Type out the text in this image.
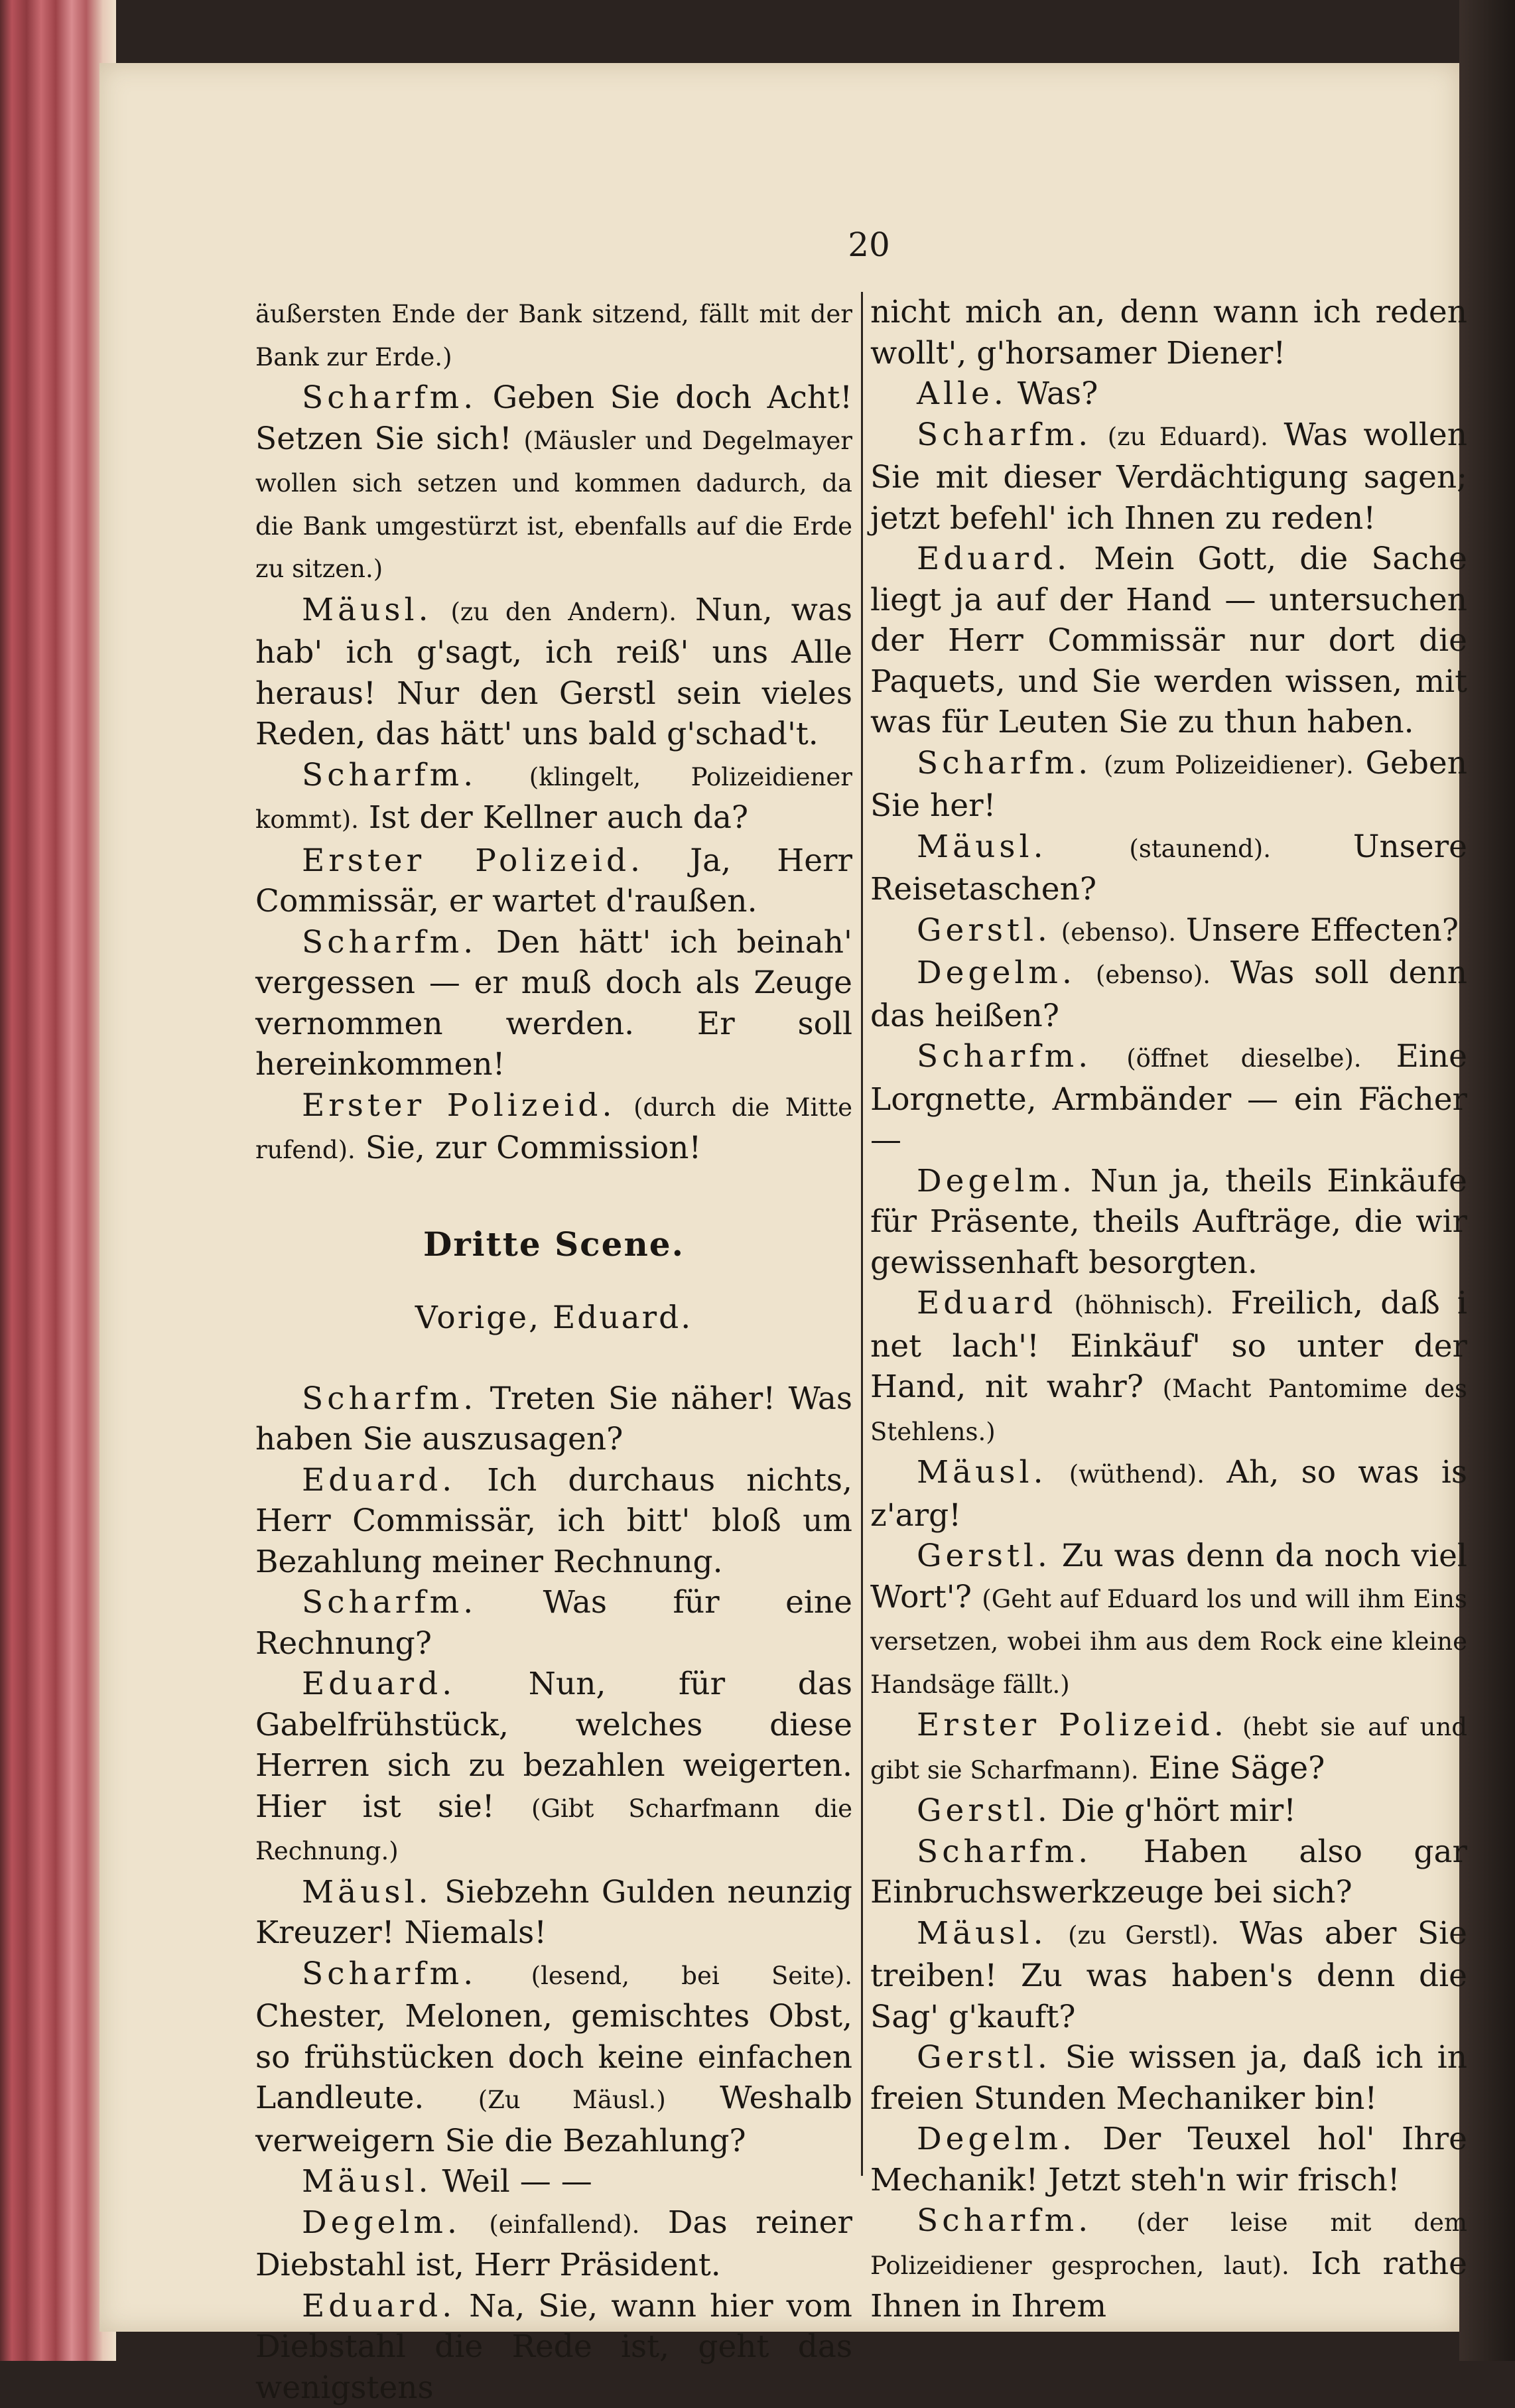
20

äußersten Ende der Bank sitzend, fällt mit der Bank zur Erde.)

Scharfm. Geben Sie doch Acht! Setzen Sie sich! (Mäusler und Degelmayer wollen sich setzen und kommen dadurch, da die Bank umgestürzt ist, ebenfalls auf die Erde zu sitzen.)

Mäusl. (zu den Andern). Nun, was hab' ich g'sagt, ich reiß' uns Alle heraus! Nur den Gerstl sein vieles Reden, das hätt' uns bald g'schad't.

Scharfm. (klingelt, Polizeidiener kommt). Ist der Kellner auch da?

Erster Polizeid. Ja, Herr Commissär, er wartet d'raußen.

Scharfm. Den hätt' ich beinah' vergessen — er muß doch als Zeuge vernommen werden. Er soll hereinkommen!

Erster Polizeid. (durch die Mitte rufend). Sie, zur Commission!

Dritte Scene.
Vorige, Eduard.

Scharfm. Treten Sie näher! Was haben Sie auszusagen?

Eduard. Ich durchaus nichts, Herr Commissär, ich bitt' bloß um Bezahlung meiner Rechnung.

Scharfm. Was für eine Rechnung?

Eduard. Nun, für das Gabelfrühstück, welches diese Herren sich zu bezahlen weigerten. Hier ist sie! (Gibt Scharfmann die Rechnung.)

Mäusl. Siebzehn Gulden neunzig Kreuzer! Niemals!

Scharfm. (lesend, bei Seite). Chester, Melonen, gemischtes Obst, so frühstücken doch keine einfachen Landleute. (Zu Mäusl.) Weshalb verweigern Sie die Bezahlung?

Mäusl. Weil — —

Degelm. (einfallend). Das reiner Diebstahl ist, Herr Präsident.

Eduard. Na, Sie, wann hier vom Diebstahl die Rede ist, geht das wenigstens

nicht mich an, denn wann ich reden wollt', g'horsamer Diener!

Alle. Was?

Scharfm. (zu Eduard). Was wollen Sie mit dieser Verdächtigung sagen; jetzt befehl' ich Ihnen zu reden!

Eduard. Mein Gott, die Sache liegt ja auf der Hand — untersuchen der Herr Commissär nur dort die Paquets, und Sie werden wissen, mit was für Leuten Sie zu thun haben.

Scharfm. (zum Polizeidiener). Geben Sie her!

Mäusl.	(staunend).	Unsere Reisetaschen?

Gerstl. (ebenso). Unsere Effecten?

Degelm. (ebenso). Was soll denn das heißen?

Scharfm. (öffnet dieselbe). Eine Lorgnette, Armbänder — ein Fächer —

Degelm. Nun ja, theils Einkäufe für Präsente, theils Aufträge, die wir gewissenhaft besorgten.

Eduard (höhnisch). Freilich, daß i net lach'! Einkäuf' so unter der Hand, nit wahr? (Macht Pantomime des Stehlens.)

Mäusl. (wüthend). Ah, so was is z'arg!

Gerstl. Zu was denn da noch viel Wort'? (Geht auf Eduard los und will ihm Eins versetzen, wobei ihm aus dem Rock eine kleine Handsäge fällt.)

Erster Polizeid. (hebt sie auf und gibt sie Scharfmann). Eine Säge?

Gerstl. Die g'hört mir!

Scharfm. Haben also gar Einbruchswerkzeuge bei sich?

Mäusl. (zu Gerstl). Was aber Sie treiben! Zu was haben's denn die Sag' g'kauft?

Gerstl. Sie wissen ja, daß ich in freien Stunden Mechaniker bin!

Degelm. Der Teuxel hol' Ihre Mechanik! Jetzt steh'n wir frisch!

Scharfm. (der leise mit dem Polizeidiener gesprochen, laut). Ich rathe Ihnen in Ihrem
